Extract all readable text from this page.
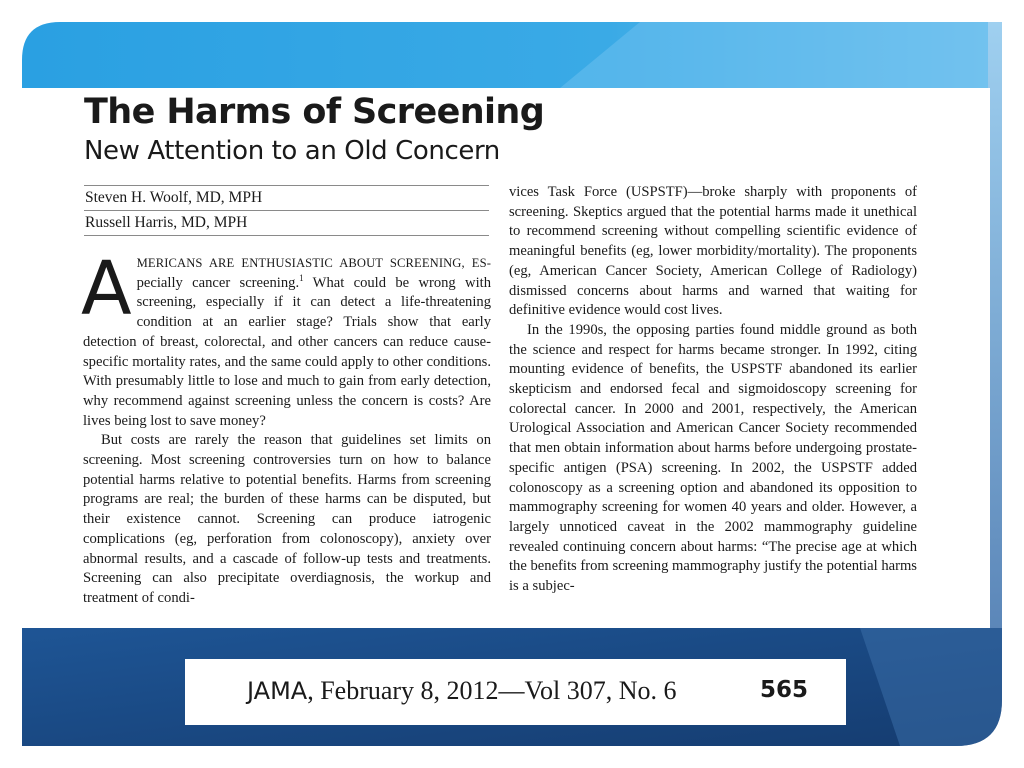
The Harms of Screening
New Attention to an Old Concern
Steven H. Woolf, MD, MPH
Russell Harris, MD, MPH

AMERICANS ARE ENTHUSIASTIC ABOUT SCREENING, ES- pecially cancer screening.$^1$ What could be wrong with screening, especially if it can detect a life-threatening condition at an earlier stage? Trials show that early detection of breast, colorectal, and other cancers can reduce cause-specific mortality rates, and the same could apply to other conditions. With presumably little to lose and much to gain from early detection, why recommend against screening unless the concern is costs? Are lives being lost to save money?

But costs are rarely the reason that guidelines set limits on screening. Most screening controversies turn on how to balance potential harms relative to potential benefits. Harms from screening programs are real; the burden of these harms can be disputed, but their existence cannot. Screening can produce iatrogenic complications (eg, perforation from colonoscopy), anxiety over abnormal results, and a cascade of follow-up tests and treatments. Screening can also precipitate overdiagnosis, the workup and treatment of condi-

vices Task Force (USPSTF)—broke sharply with proponents of screening. Skeptics argued that the potential harms made it unethical to recommend screening without compelling scientific evidence of meaningful benefits (eg, lower morbidity/mortality). The proponents (eg, American Cancer Society, American College of Radiology) dismissed concerns about harms and warned that waiting for definitive evidence would cost lives.

In the 1990s, the opposing parties found middle ground as both the science and respect for harms became stronger. In 1992, citing mounting evidence of benefits, the USPSTF abandoned its earlier skepticism and endorsed fecal and sigmoidoscopy screening for colorectal cancer. In 2000 and 2001, respectively, the American Urological Association and American Cancer Society recommended that men obtain information about harms before undergoing prostate-specific antigen (PSA) screening. In 2002, the USPSTF added colonoscopy as a screening option and abandoned its opposition to mammography screening for women 40 years and older. However, a largely unnoticed caveat in the 2002 mammography guideline revealed continuing concern about harms: “The precise age at which the benefits from screening mammography justify the potential harms is a subjec-

JAMA, February 8, 2012—Vol 307, No. 6	565
